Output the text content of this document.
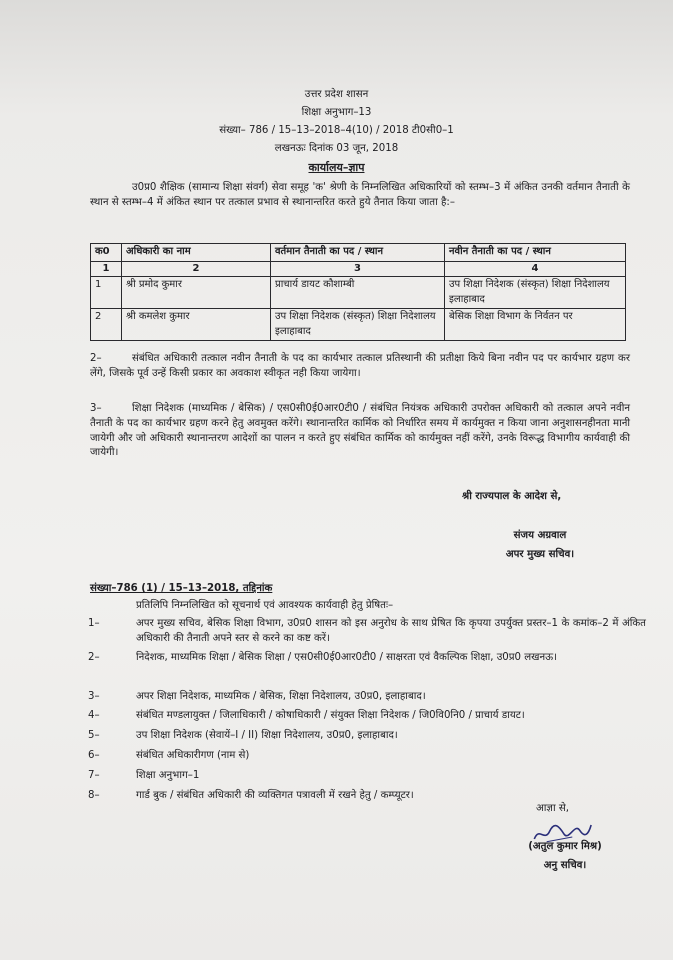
उत्तर प्रदेश शासन
शिक्षा अनुभाग–13
संख्या– 786 / 15–13–2018–4(10) / 2018 टी0सी0–1
लखनऊः दिनांक 03 जून, 2018
कार्यालय–ज्ञाप
उ0प्र0 शैक्षिक (सामान्य शिक्षा संवर्ग) सेवा समूह 'क' श्रेणी के निम्नलिखित अधिकारियों को स्तम्भ–3 में अंकित उनकी वर्तमान तैनाती के स्थान से स्तम्भ–4 में अंकित स्थान पर तत्काल प्रभाव से स्थानान्तरित करते हुये तैनात किया जाता है:–
क0	अधिकारी का नाम	वर्तमान तैनाती का पद / स्थान	नवीन तैनाती का पद / स्थान
1	2	3	4
1	श्री प्रमोद कुमार	प्राचार्य डायट कौशाम्बी	उप शिक्षा निदेशक (संस्कृत) शिक्षा निदेशालय इलाहाबाद
2	श्री कमलेश कुमार	उप शिक्षा निदेशक (संस्कृत) शिक्षा निदेशालय इलाहाबाद	बेसिक शिक्षा विभाग के निर्वतन पर
2–	संबंधित अधिकारी तत्काल नवीन तैनाती के पद का कार्यभार तत्काल प्रतिस्थानी की प्रतीक्षा किये बिना नवीन पद पर कार्यभार ग्रहण कर लेंगे, जिसके पूर्व उन्हें किसी प्रकार का अवकाश स्वीकृत नही किया जायेगा।
3–	शिक्षा निदेशक (माध्यमिक / बेसिक) / एस0सी0ई0आर0टी0 / संबंधित नियंत्रक अधिकारी उपरोक्त अधिकारी को तत्काल अपने नवीन तैनाती के पद का कार्यभार ग्रहण करने हेतु अवमुक्त करेंगे। स्थानान्तरित कार्मिक को निर्धारित समय में कार्यमुक्त न किया जाना अनुशासनहीनता मानी जायेगी और जो अधिकारी स्थानान्तरण आदेशों का पालन न करते हुए संबंधित कार्मिक को कार्यमुक्त नहीं करेंगे, उनके विरूद्ध विभागीय कार्यवाही की जायेगी।
श्री राज्यपाल के आदेश से,
संजय अग्रवाल
अपर मुख्य सचिव।
संख्या–786 (1) / 15–13–2018, तद्दिनांक
प्रतिलिपि निम्नलिखित को सूचनार्थ एवं आवश्यक कार्यवाही हेतु प्रेषितः–
1–	अपर मुख्य सचिव, बेसिक शिक्षा विभाग, उ0प्र0 शासन को इस अनुरोध के साथ प्रेषित कि कृपया उपर्युक्त प्रस्तर–1 के कमांक–2 में अंकित अधिकारी की तैनाती अपने स्तर से करने का कष्ट करें।
2–	निदेशक, माध्यमिक शिक्षा / बेसिक शिक्षा / एस0सी0ई0आर0टी0 / साक्षरता एवं वैकल्पिक शिक्षा, उ0प्र0 लखनऊ।
3–	अपर शिक्षा निदेशक, माध्यमिक / बेसिक, शिक्षा निदेशालय, उ0प्र0, इलाहाबाद।
4–	संबंधित मण्डलायुक्त / जिलाधिकारी / कोषाधिकारी / संयुक्त शिक्षा निदेशक / जि0वि0नि0 / प्राचार्य डायट।
5–	उप शिक्षा निदेशक (सेवायें–I / II) शिक्षा निदेशालय, उ0प्र0, इलाहाबाद।
6–	संबंधित अधिकारीगण (नाम से)
7–	शिक्षा अनुभाग–1
8–	गार्ड बुक / संबंधित अधिकारी की व्यक्तिगत पत्रावली में रखने हेतु / कम्प्यूटर।
आज्ञा से,
(अतुल कुमार मिश्र)
अनु सचिव।
